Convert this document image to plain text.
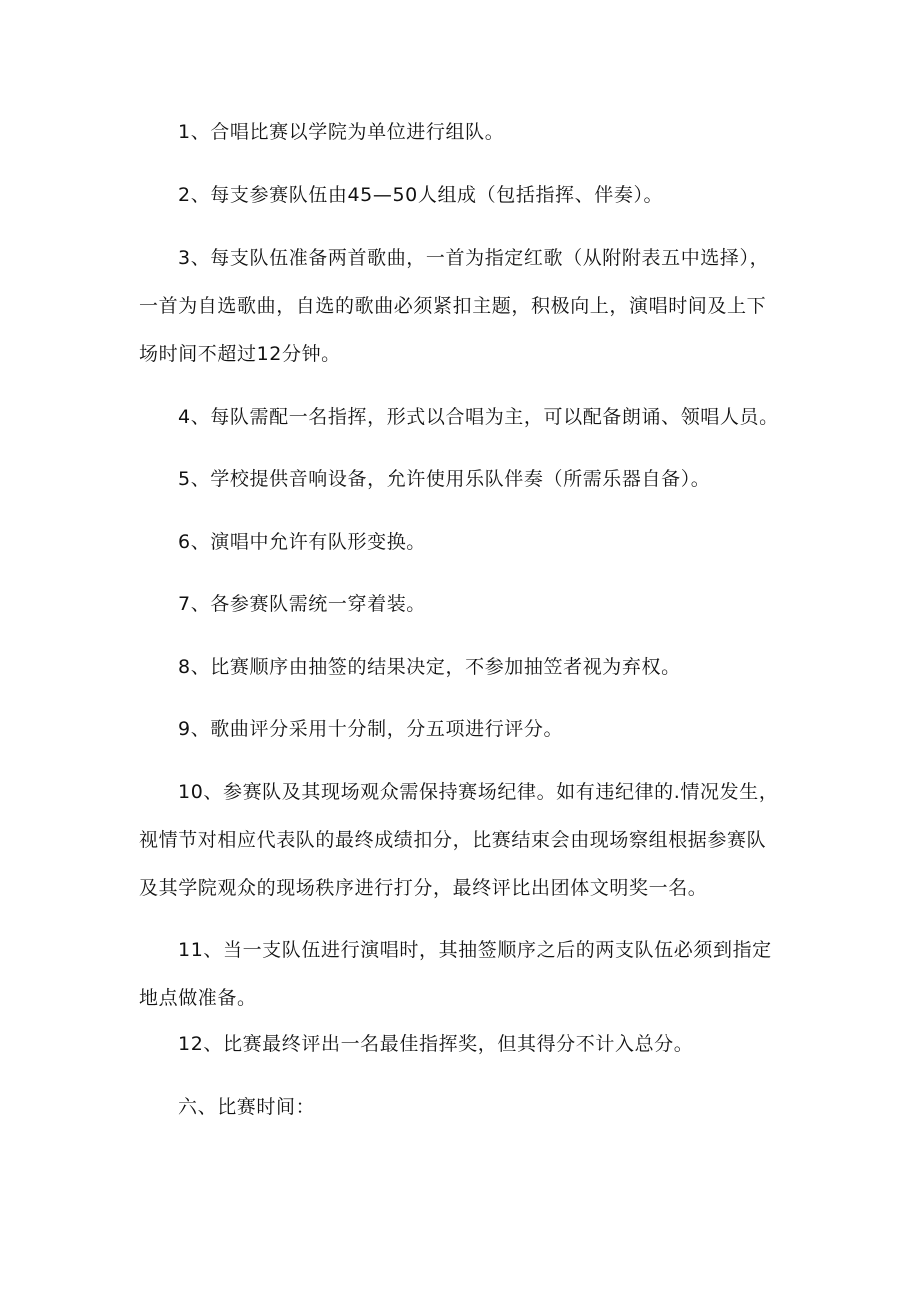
1、合唱比赛以学院为单位进行组队。
2、每支参赛队伍由45—50人组成（包括指挥、伴奏）。
3、每支队伍准备两首歌曲，一首为指定红歌（从附附表五中选择），
一首为自选歌曲，自选的歌曲必须紧扣主题，积极向上，演唱时间及上下
场时间不超过12分钟。
4、每队需配一名指挥，形式以合唱为主，可以配备朗诵、领唱人员。
5、学校提供音响设备，允许使用乐队伴奏（所需乐器自备）。
6、演唱中允许有队形变换。
7、各参赛队需统一穿着装。
8、比赛顺序由抽签的结果决定，不参加抽笠者视为弃权。
9、歌曲评分采用十分制，分五项进行评分。
10、参赛队及其现场观众需保持赛场纪律。如有违纪律的.情况发生，
视情节对相应代表队的最终成绩扣分，比赛结束会由现场察组根据参赛队
及其学院观众的现场秩序进行打分，最终评比出团体文明奖一名。
11、当一支队伍进行演唱时，其抽签顺序之后的两支队伍必须到指定
地点做准备。
12、比赛最终评出一名最佳指挥奖，但其得分不计入总分。
六、比赛时间：
